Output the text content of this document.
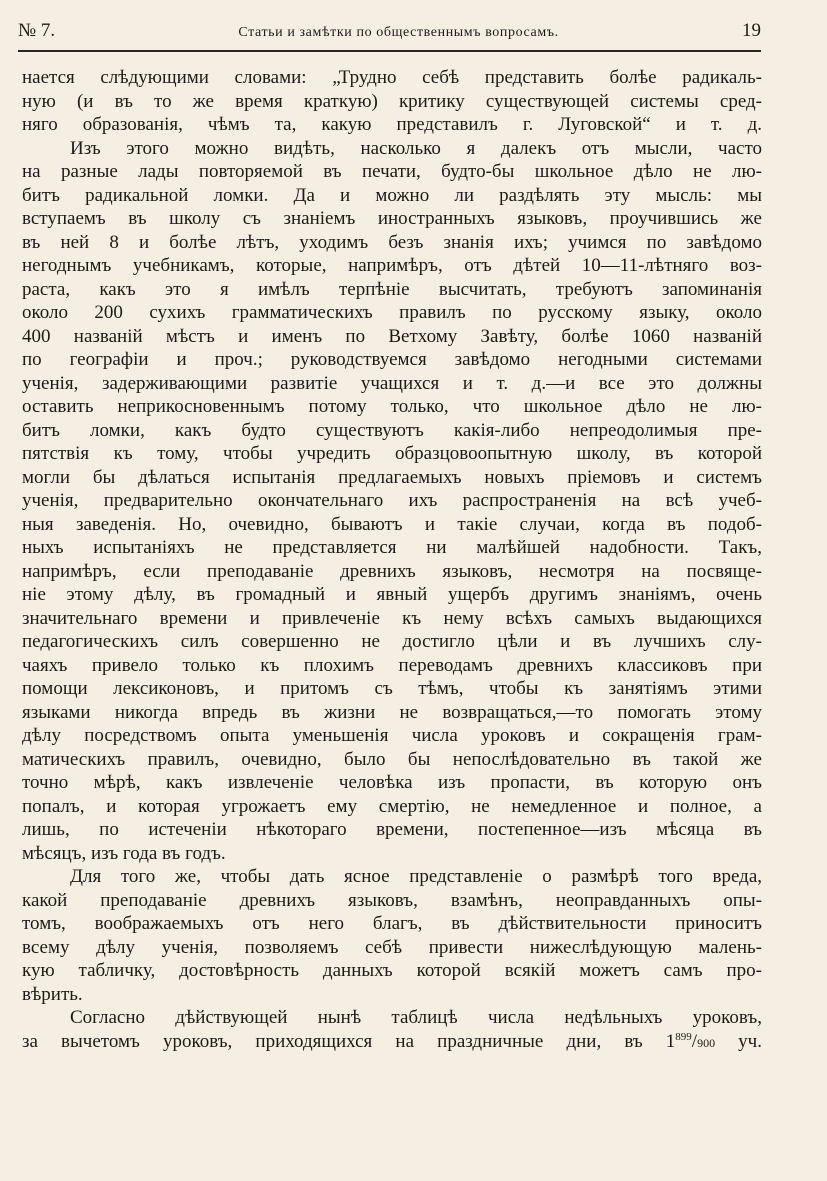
№ 7.	Статьи и замѣтки по общественнымъ вопросамъ.	19
нается слѣдующими словами: „Трудно себѣ представить болѣе радикаль-
ную (и въ то же время краткую) критику существующей системы сред-
няго образованія, чѣмъ та, какую представилъ г. Луговской“ и т. д.
Изъ этого можно видѣть, насколько я далекъ отъ мысли, часто
на разные лады повторяемой въ печати, будто-бы школьное дѣло не лю-
битъ радикальной ломки. Да и можно ли раздѣлять эту мысль: мы
вступаемъ въ школу съ знаніемъ иностранныхъ языковъ, проучившись же
въ ней 8 и болѣе лѣтъ, уходимъ безъ знанія ихъ; учимся по завѣдомо
негоднымъ учебникамъ, которые, напримѣръ, отъ дѣтей 10—11-лѣтняго воз-
раста, какъ это я имѣлъ терпѣніе высчитать, требуютъ запоминанія
около 200 сухихъ грамматическихъ правилъ по русскому языку, около
400 названій мѣстъ и именъ по Ветхому Завѣту, болѣе 1060 названій
по географіи и проч.; руководствуемся завѣдомо негодными системами
ученія, задерживающими развитіе учащихся и т. д.—и все это должны
оставить неприкосновеннымъ потому только, что школьное дѣло не лю-
битъ ломки, какъ будто существуютъ какія-либо непреодолимыя пре-
пятствія къ тому, чтобы учредить образцовоопытную школу, въ которой
могли бы дѣлаться испытанія предлагаемыхъ новыхъ пріемовъ и системъ
ученія, предварительно окончательнаго ихъ распространенія на всѣ учеб-
ныя заведенія. Но, очевидно, бываютъ и такіе случаи, когда въ подоб-
ныхъ испытаніяхъ не представляется ни малѣйшей надобности. Такъ,
напримѣръ, если преподаваніе древнихъ языковъ, несмотря на посвяще-
ніе этому дѣлу, въ громадный и явный ущербъ другимъ знаніямъ, очень
значительнаго времени и привлеченіе къ нему всѣхъ самыхъ выдающихся
педагогическихъ силъ совершенно не достигло цѣли и въ лучшихъ слу-
чаяхъ привело только къ плохимъ переводамъ древнихъ классиковъ при
помощи лексиконовъ, и притомъ съ тѣмъ, чтобы къ занятіямъ этими
языками никогда впредь въ жизни не возвращаться,—то помогать этому
дѣлу посредствомъ опыта уменьшенія числа уроковъ и сокращенія грам-
матическихъ правилъ, очевидно, было бы непослѣдовательно въ такой же
точно мѣрѣ, какъ извлеченіе человѣка изъ пропасти, въ которую онъ
попалъ, и которая угрожаетъ ему смертію, не немедленное и полное, а
лишь, по истеченіи нѣкотораго времени, постепенное—изъ мѣсяца въ
мѣсяцъ, изъ года въ годъ.
Для того же, чтобы дать ясное представленіе о размѣрѣ того вреда,
какой преподаваніе древнихъ языковъ, взамѣнъ, неоправданныхъ опы-
томъ, воображаемыхъ отъ него благъ, въ дѣйствительности приноситъ
всему дѣлу ученія, позволяемъ себѣ привести нижеслѣдующую малень-
кую табличку, достовѣрность данныхъ которой всякій можетъ самъ про-
вѣрить.
Согласно дѣйствующей нынѣ таблицѣ числа недѣльныхъ уроковъ,
за вычетомъ уроковъ, приходящихся на праздничные дни, въ $1^{899}/900$ уч.
